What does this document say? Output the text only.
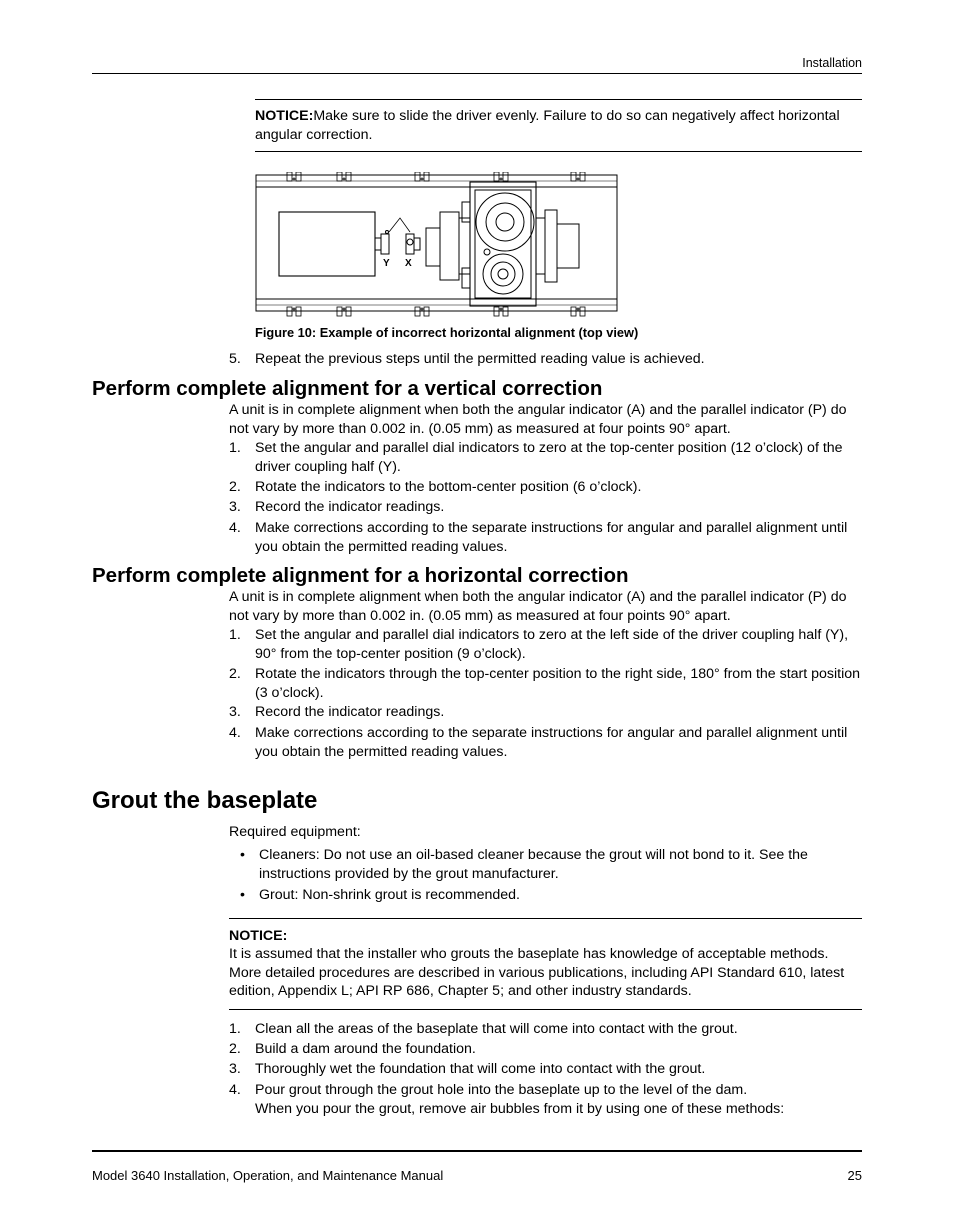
Installation
NOTICE:Make sure to slide the driver evenly. Failure to do so can negatively affect horizontal angular correction.
Y X
Figure 10: Example of incorrect horizontal alignment (top view)
5. Repeat the previous steps until the permitted reading value is achieved.
Perform complete alignment for a vertical correction
A unit is in complete alignment when both the angular indicator (A) and the parallel indicator (P) do not vary by more than 0.002 in. (0.05 mm) as measured at four points 90° apart.
1. Set the angular and parallel dial indicators to zero at the top-center position (12 o’clock) of the driver coupling half (Y).
2. Rotate the indicators to the bottom-center position (6 o’clock).
3. Record the indicator readings.
4. Make corrections according to the separate instructions for angular and parallel alignment until you obtain the permitted reading values.
Perform complete alignment for a horizontal correction
A unit is in complete alignment when both the angular indicator (A) and the parallel indicator (P) do not vary by more than 0.002 in. (0.05 mm) as measured at four points 90° apart.
1. Set the angular and parallel dial indicators to zero at the left side of the driver coupling half (Y), 90° from the top-center position (9 o’clock).
2. Rotate the indicators through the top-center position to the right side, 180° from the start position (3 o’clock).
3. Record the indicator readings.
4. Make corrections according to the separate instructions for angular and parallel alignment until you obtain the permitted reading values.
Grout the baseplate
Required equipment:
• Cleaners: Do not use an oil-based cleaner because the grout will not bond to it. See the instructions provided by the grout manufacturer.
• Grout: Non-shrink grout is recommended.
NOTICE:
It is assumed that the installer who grouts the baseplate has knowledge of acceptable methods. More detailed procedures are described in various publications, including API Standard 610, latest edition, Appendix L; API RP 686, Chapter 5; and other industry standards.
1. Clean all the areas of the baseplate that will come into contact with the grout.
2. Build a dam around the foundation.
3. Thoroughly wet the foundation that will come into contact with the grout.
4. Pour grout through the grout hole into the baseplate up to the level of the dam.
When you pour the grout, remove air bubbles from it by using one of these methods:
Model 3640 Installation, Operation, and Maintenance Manual	25
